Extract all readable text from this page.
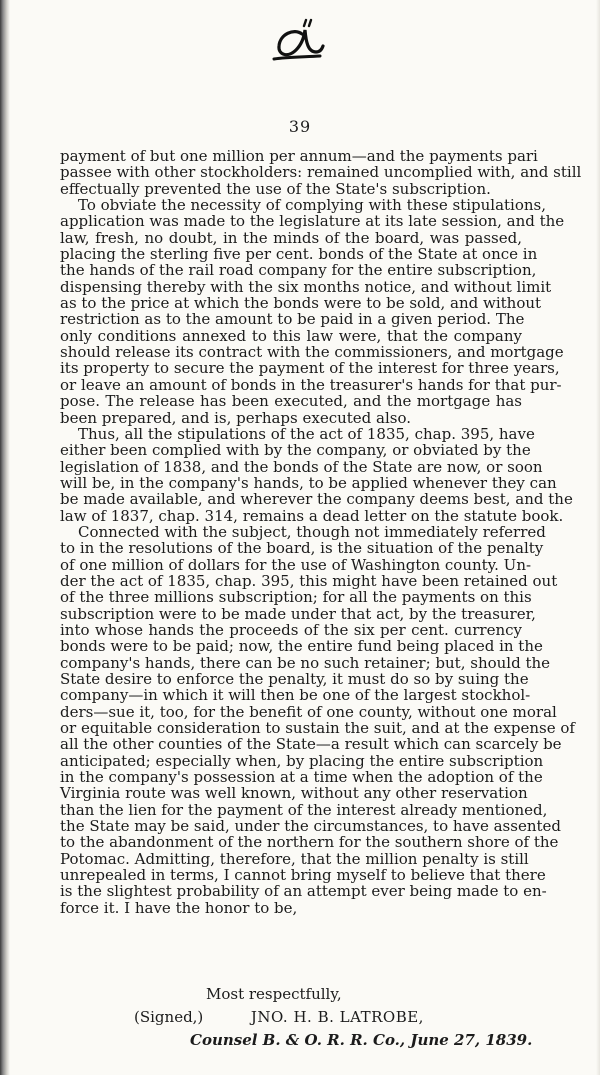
39
payment of but one million per annum—and the payments pari
passee with other stockholders: remained uncomplied with, and still
effectually prevented the use of the State's subscription.
To obviate the necessity of complying with these stipulations,
application was made to the legislature at its late session, and the
law, fresh, no doubt, in the minds of the board, was passed,
placing the sterling five per cent. bonds of the State at once in
the hands of the rail road company for the entire subscription,
dispensing thereby with the six months notice, and without limit
as to the price at which the bonds were to be sold, and without
restriction as to the amount to be paid in a given period. The
only conditions annexed to this law were, that the company
should release its contract with the commissioners, and mortgage
its property to secure the payment of the interest for three years,
or leave an amount of bonds in the treasurer's hands for that pur-
pose. The release has been executed, and the mortgage has
been prepared, and is, perhaps executed also.
Thus, all the stipulations of the act of 1835, chap. 395, have
either been complied with by the company, or obviated by the
legislation of 1838, and the bonds of the State are now, or soon
will be, in the company's hands, to be applied whenever they can
be made available, and wherever the company deems best, and the
law of 1837, chap. 314, remains a dead letter on the statute book.
Connected with the subject, though not immediately referred
to in the resolutions of the board, is the situation of the penalty
of one million of dollars for the use of Washington county. Un-
der the act of 1835, chap. 395, this might have been retained out
of the three millions subscription; for all the payments on this
subscription were to be made under that act, by the treasurer,
into whose hands the proceeds of the six per cent. currency
bonds were to be paid; now, the entire fund being placed in the
company's hands, there can be no such retainer; but, should the
State desire to enforce the penalty, it must do so by suing the
company—in which it will then be one of the largest stockhol-
ders—sue it, too, for the benefit of one county, without one moral
or equitable consideration to sustain the suit, and at the expense of
all the other counties of the State—a result which can scarcely be
anticipated; especially when, by placing the entire subscription
in the company's possession at a time when the adoption of the
Virginia route was well known, without any other reservation
than the lien for the payment of the interest already mentioned,
the State may be said, under the circumstances, to have assented
to the abandonment of the northern for the southern shore of the
Potomac. Admitting, therefore, that the million penalty is still
unrepealed in terms, I cannot bring myself to believe that there
is the slightest probability of an attempt ever being made to en-
force it. I have the honor to be,
Most respectfully,
(Signed,)	JNO. H. B. LATROBE,
Counsel B. & O. R. R. Co., June 27, 1839.
